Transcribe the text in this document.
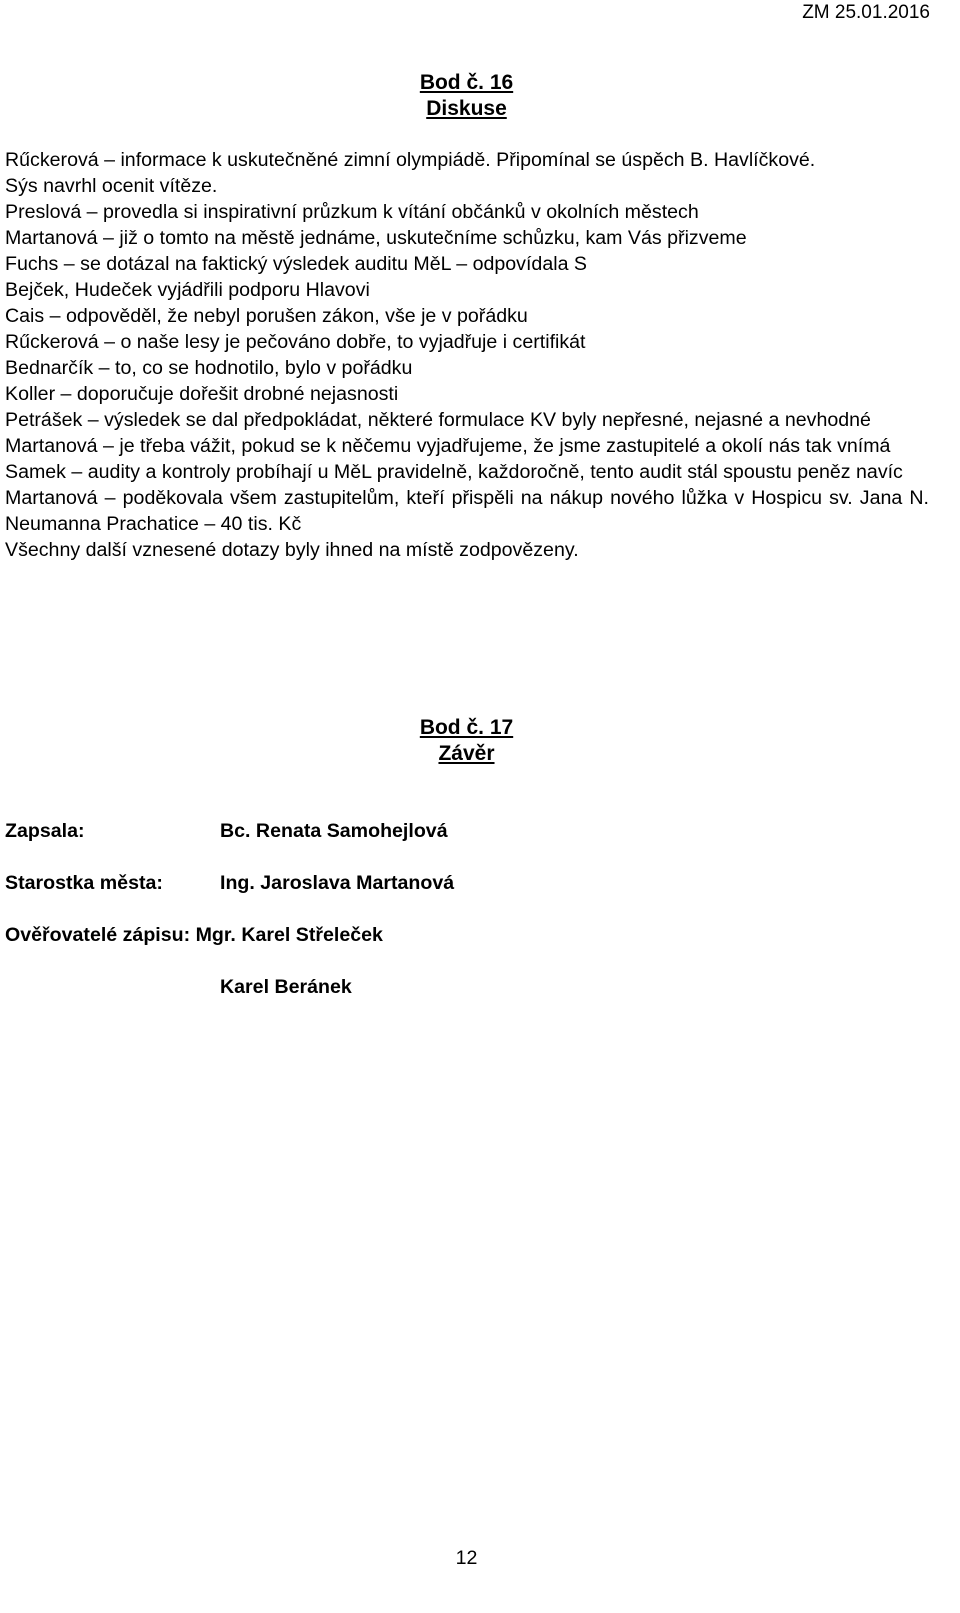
ZM 25.01.2016
Bod č. 16
Diskuse

Rűckerová – informace k uskutečněné zimní olympiádě. Připomínal se úspěch B. Havlíčkové.

Sýs navrhl ocenit vítěze.

Preslová – provedla si inspirativní průzkum k vítání občánků v okolních městech

Martanová – již o tomto na městě jednáme, uskutečníme schůzku, kam Vás přizveme

Fuchs – se dotázal na faktický výsledek auditu MěL – odpovídala S

Bejček, Hudeček vyjádřili podporu Hlavovi

Cais – odpověděl, že nebyl porušen zákon, vše je v pořádku

Rűckerová – o naše lesy je pečováno dobře, to vyjadřuje i certifikát

Bednarčík – to, co se hodnotilo, bylo v pořádku

Koller – doporučuje dořešit drobné nejasnosti

Petrášek – výsledek se dal předpokládat, některé formulace KV byly nepřesné, nejasné a nevhodné

Martanová – je třeba vážit, pokud se k něčemu vyjadřujeme, že jsme zastupitelé a okolí nás tak vnímá

Samek – audity a kontroly probíhají u MěL pravidelně, každoročně, tento audit stál spoustu peněz navíc

Martanová – poděkovala všem zastupitelům, kteří přispěli na nákup nového lůžka v Hospicu sv. Jana N. Neumanna Prachatice – 40 tis. Kč

Všechny další vznesené dotazy byly ihned na místě zodpovězeny.

Bod č. 17
Závěr
Zapsala:	Bc. Renata Samohejlová
Starostka města:	Ing. Jaroslava Martanová
Ověřovatelé zápisu: Mgr. Karel Střeleček
Karel Beránek
12
